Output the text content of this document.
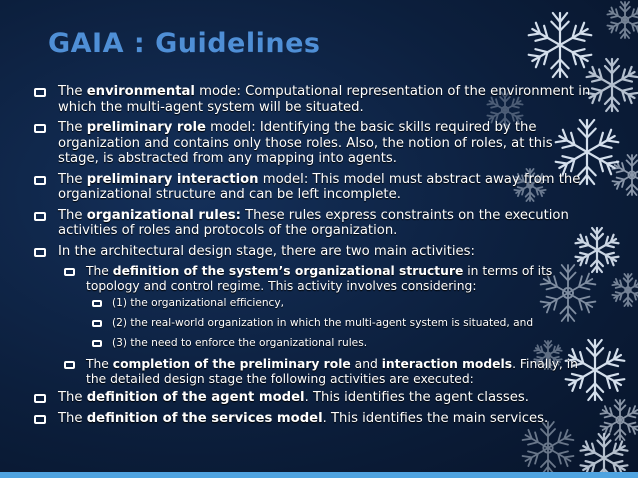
GAIA : Guidelines

The environmental mode: Computational representation of the environment in which the multi-agent system will be situated.

The preliminary role model: Identifying the basic skills required by the organization and contains only those roles. Also, the notion of roles, at this stage, is abstracted from any mapping into agents.

The preliminary interaction model: This model must abstract away from the organizational structure and can be left incomplete.

The organizational rules: These rules express constraints on the execution activities of roles and protocols of the organization.

In the architectural design stage, there are two main activities:

The definition of the system’s organizational structure in terms of its topology and control regime. This activity involves considering:

(1) the organizational efficiency,

(2) the real-world organization in which the multi-agent system is situated, and

(3) the need to enforce the organizational rules.

The completion of the preliminary role and interaction models. Finally, in the detailed design stage the following activities are executed:

The definition of the agent model. This identifies the agent classes.

The definition of the services model. This identifies the main services.
